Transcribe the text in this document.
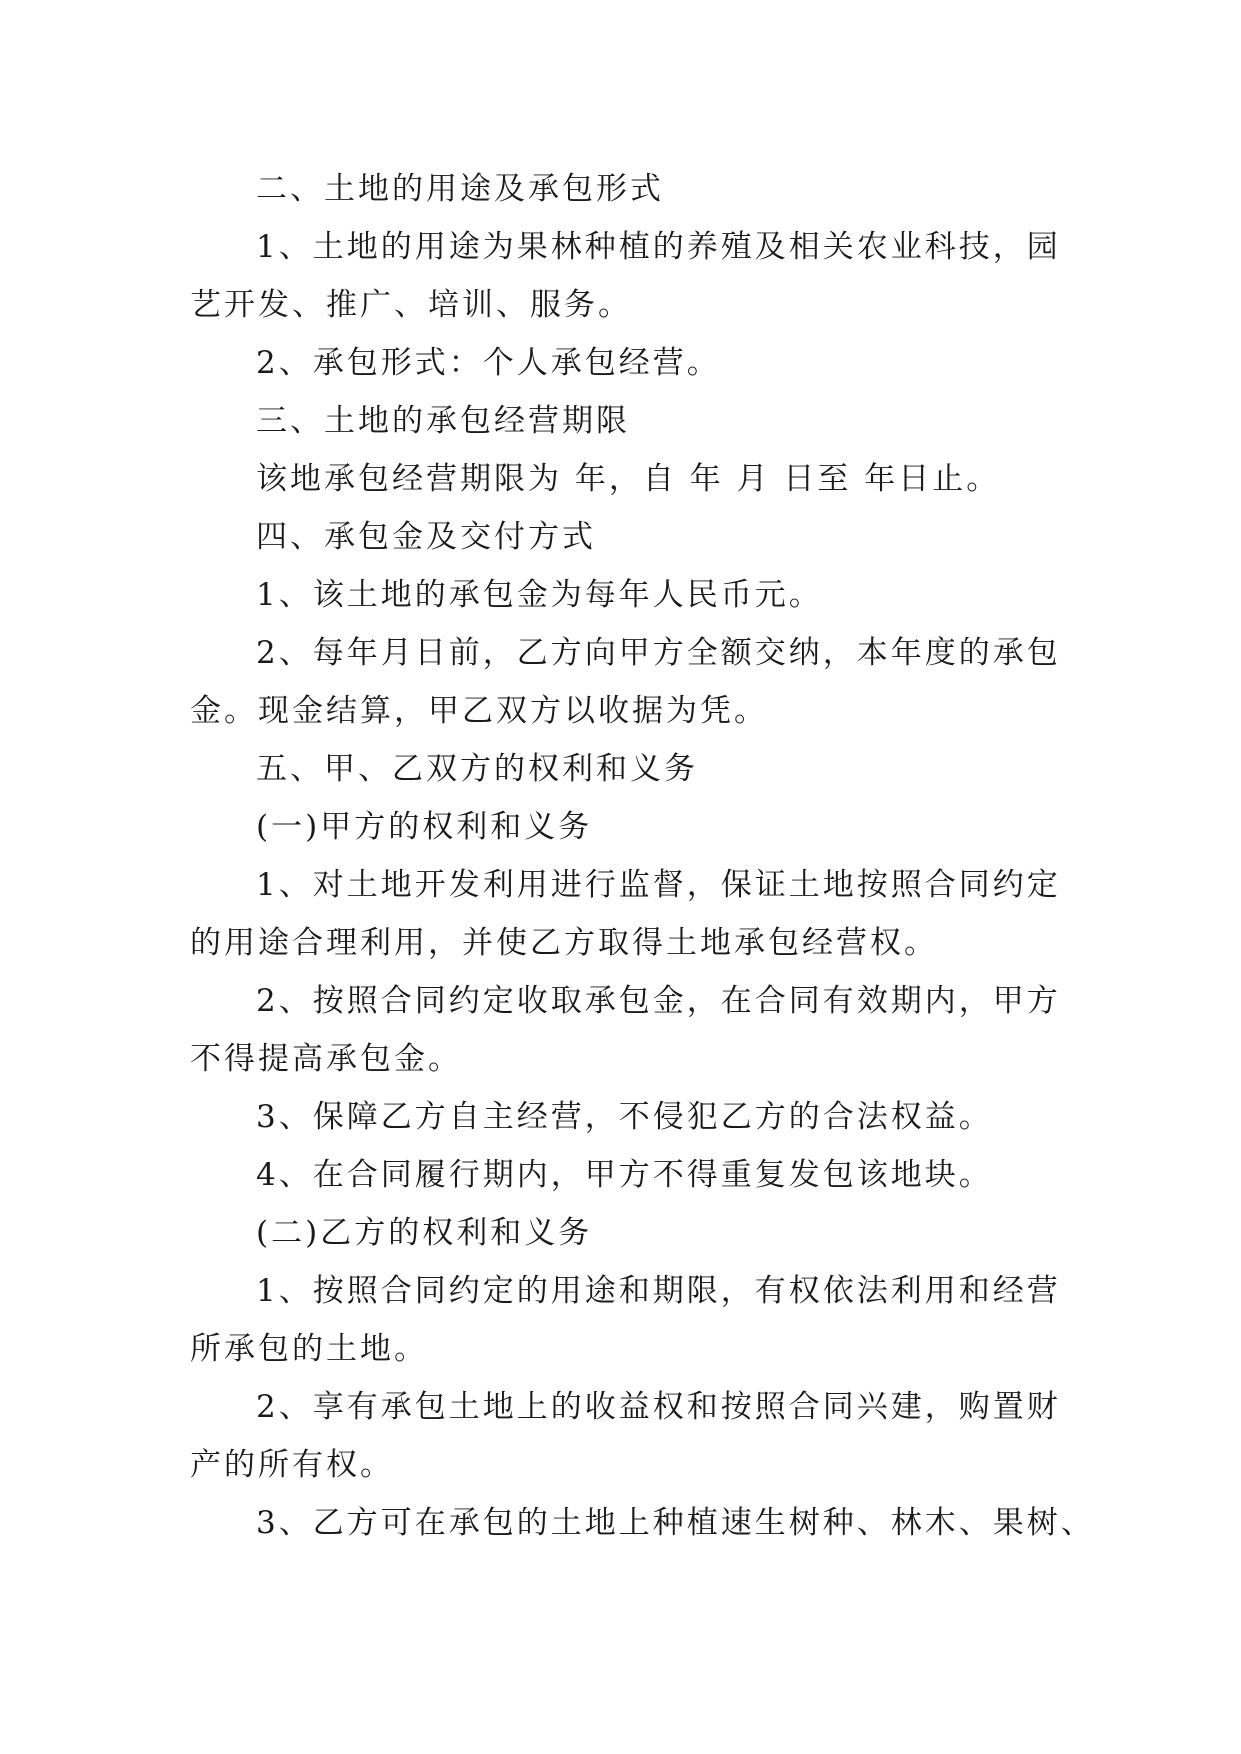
二、土地的用途及承包形式

1、土地的用途为果林种植的养殖及相关农业科技，园

艺开发、推广、培训、服务。

2、承包形式：个人承包经营。

三、土地的承包经营期限

该地承包经营期限为 年，自 年 月 日至 年日止。

四、承包金及交付方式

1、该土地的承包金为每年人民币元。

2、每年月日前，乙方向甲方全额交纳，本年度的承包

金。现金结算，甲乙双方以收据为凭。

五、甲、乙双方的权利和义务

(一)甲方的权利和义务

1、对土地开发利用进行监督，保证土地按照合同约定

的用途合理利用，并使乙方取得土地承包经营权。

2、按照合同约定收取承包金，在合同有效期内，甲方

不得提高承包金。

3、保障乙方自主经营，不侵犯乙方的合法权益。

4、在合同履行期内，甲方不得重复发包该地块。

(二)乙方的权利和义务

1、按照合同约定的用途和期限，有权依法利用和经营

所承包的土地。

2、享有承包土地上的收益权和按照合同兴建，购置财

产的所有权。

3、乙方可在承包的土地上种植速生树种、林木、果树、
